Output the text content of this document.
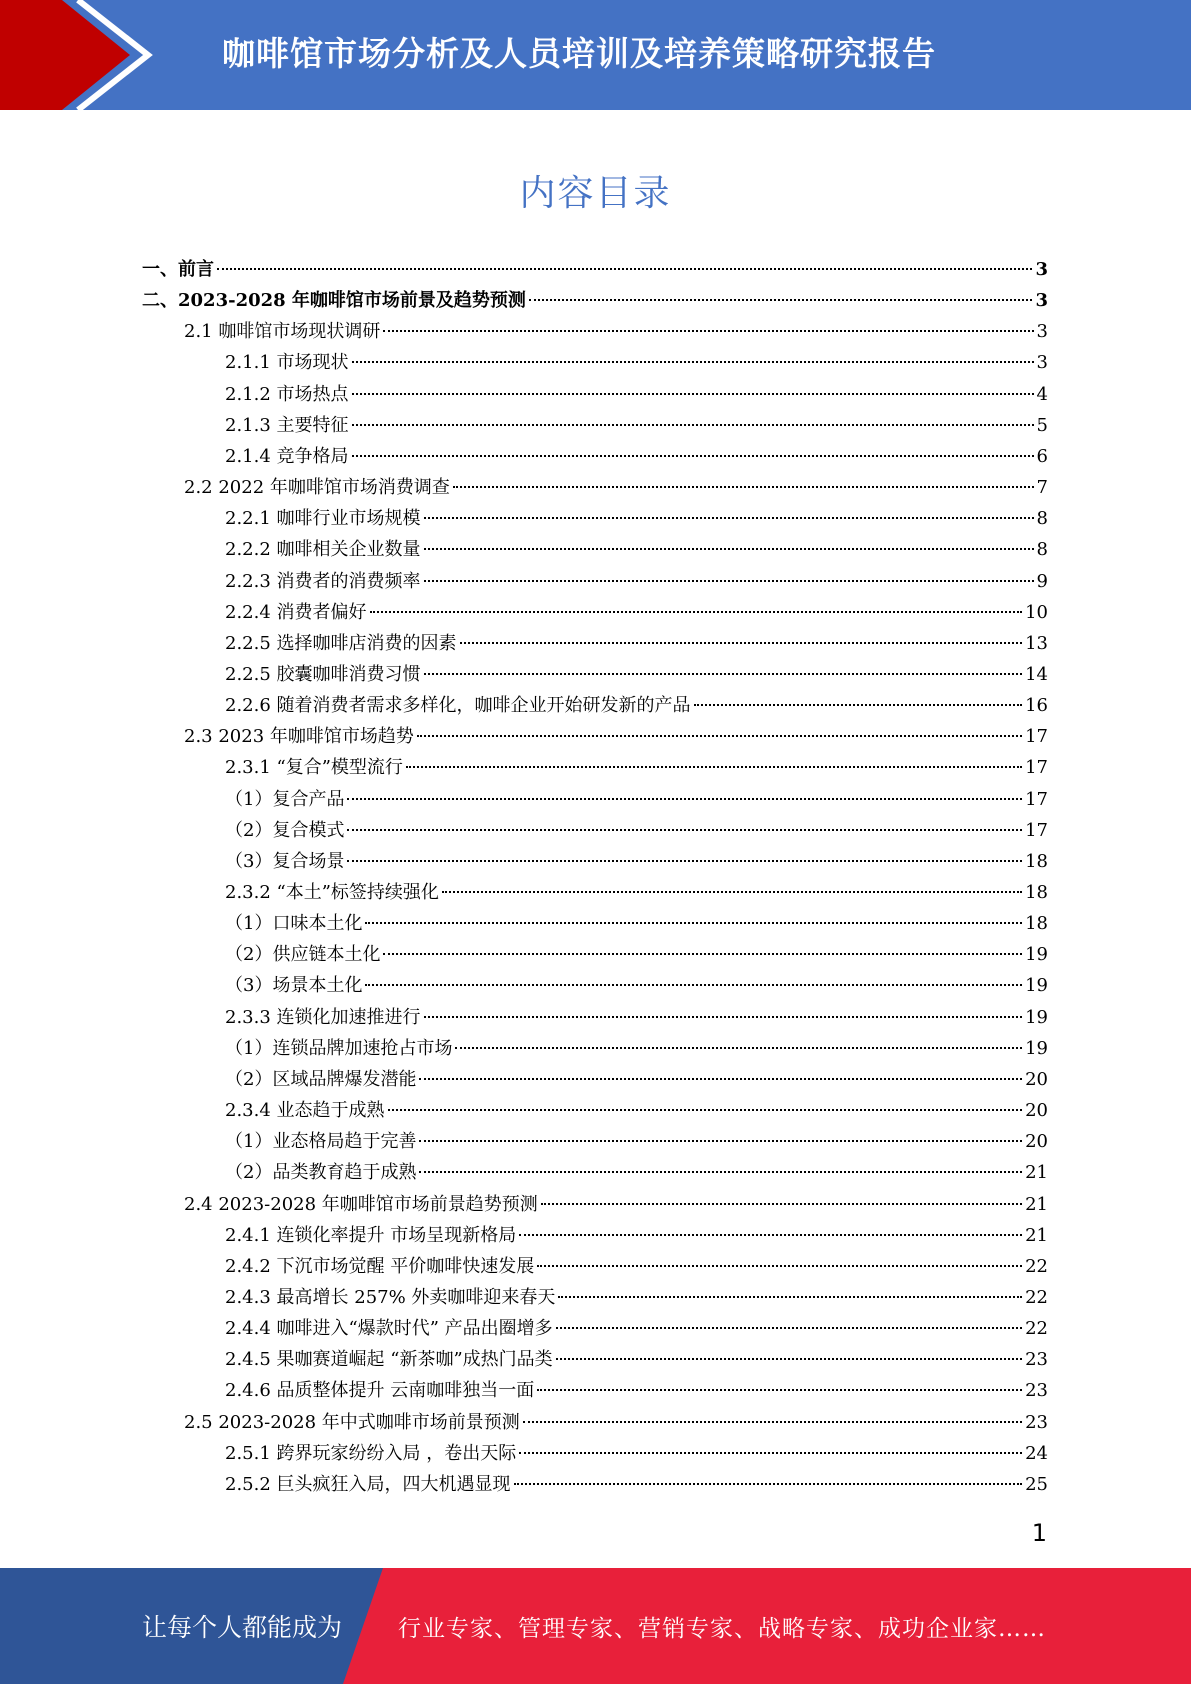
咖啡馆市场分析及人员培训及培养策略研究报告
内容目录
一、前言	3
二、2023-2028 年咖啡馆市场前景及趋势预测	3
2.1 咖啡馆市场现状调研	3
2.1.1 市场现状	3
2.1.2 市场热点	4
2.1.3 主要特征	5
2.1.4 竞争格局	6
2.2 2022 年咖啡馆市场消费调查	7
2.2.1 咖啡行业市场规模	8
2.2.2 咖啡相关企业数量	8
2.2.3 消费者的消费频率	9
2.2.4 消费者偏好	10
2.2.5 选择咖啡店消费的因素	13
2.2.5 胶囊咖啡消费习惯	14
2.2.6 随着消费者需求多样化，咖啡企业开始研发新的产品	16
2.3 2023 年咖啡馆市场趋势	17
2.3.1 “复合”模型流行	17
（1）复合产品	17
（2）复合模式	17
（3）复合场景	18
2.3.2 “本土”标签持续强化	18
（1）口味本土化	18
（2）供应链本土化	19
（3）场景本土化	19
2.3.3 连锁化加速推进行	19
（1）连锁品牌加速抢占市场	19
（2）区域品牌爆发潜能	20
2.3.4 业态趋于成熟	20
（1）业态格局趋于完善	20
（2）品类教育趋于成熟	21
2.4 2023-2028 年咖啡馆市场前景趋势预测	21
2.4.1 连锁化率提升 市场呈现新格局	21
2.4.2 下沉市场觉醒 平价咖啡快速发展	22
2.4.3 最高增长 257% 外卖咖啡迎来春天	22
2.4.4 咖啡进入“爆款时代” 产品出圈增多	22
2.4.5 果咖赛道崛起 “新茶咖”成热门品类	23
2.4.6 品质整体提升 云南咖啡独当一面	23
2.5 2023-2028 年中式咖啡市场前景预测	23
2.5.1 跨界玩家纷纷入局 ，卷出天际	24
2.5.2 巨头疯狂入局，四大机遇显现	25
1
让每个人都能成为 行业专家、管理专家、营销专家、战略专家、成功企业家……
